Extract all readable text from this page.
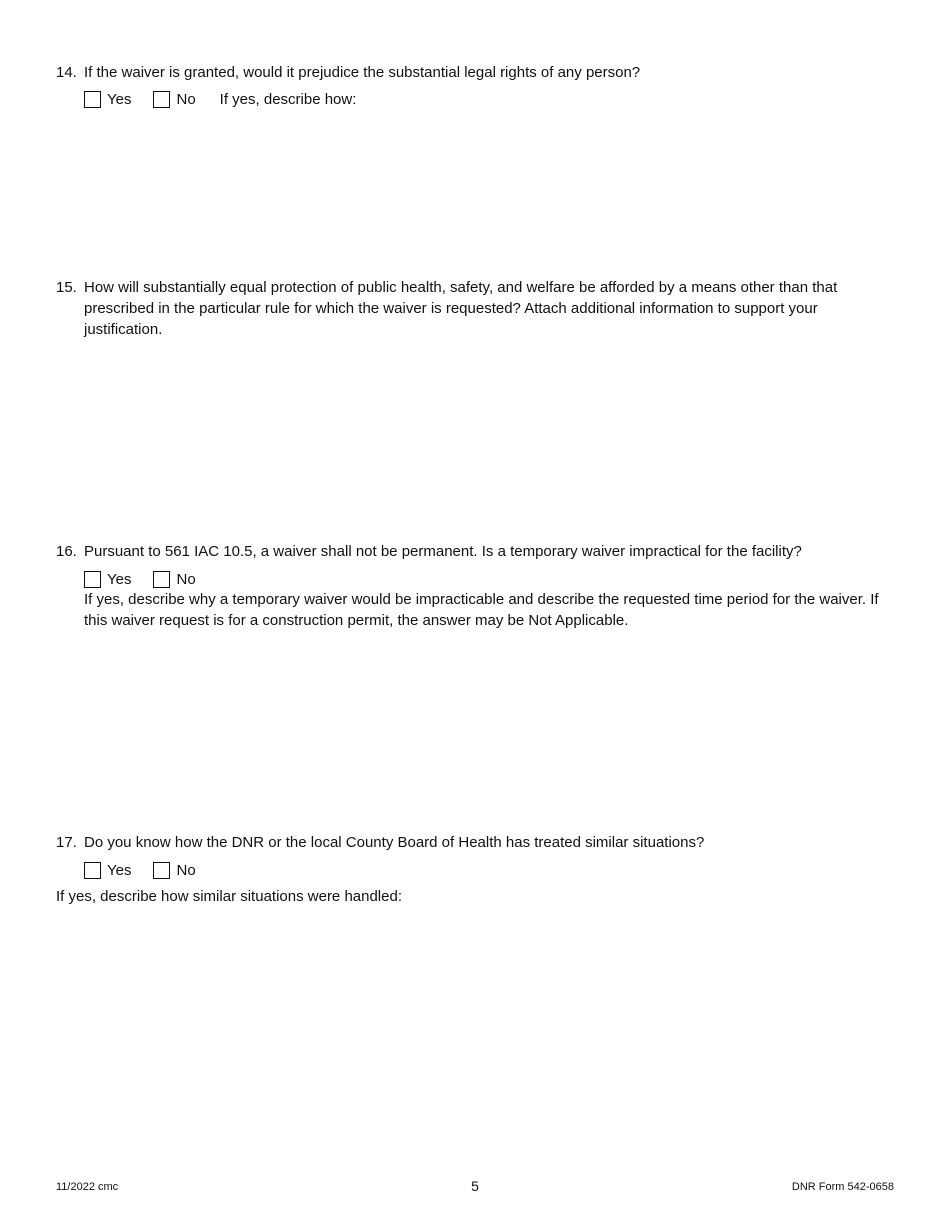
14. If the waiver is granted, would it prejudice the substantial legal rights of any person?
Yes	No If yes, describe how:
15. How will substantially equal protection of public health, safety, and welfare be afforded by a means other than that prescribed in the particular rule for which the waiver is requested? Attach additional information to support your justification.
16. Pursuant to 561 IAC 10.5, a waiver shall not be permanent. Is a temporary waiver impractical for the facility?
Yes	No
If yes, describe why a temporary waiver would be impracticable and describe the requested time period for the waiver. If this waiver request is for a construction permit, the answer may be Not Applicable.
17. Do you know how the DNR or the local County Board of Health has treated similar situations?
Yes	No
If yes, describe how similar situations were handled:
11/2022 cmc	5	DNR Form 542-0658
